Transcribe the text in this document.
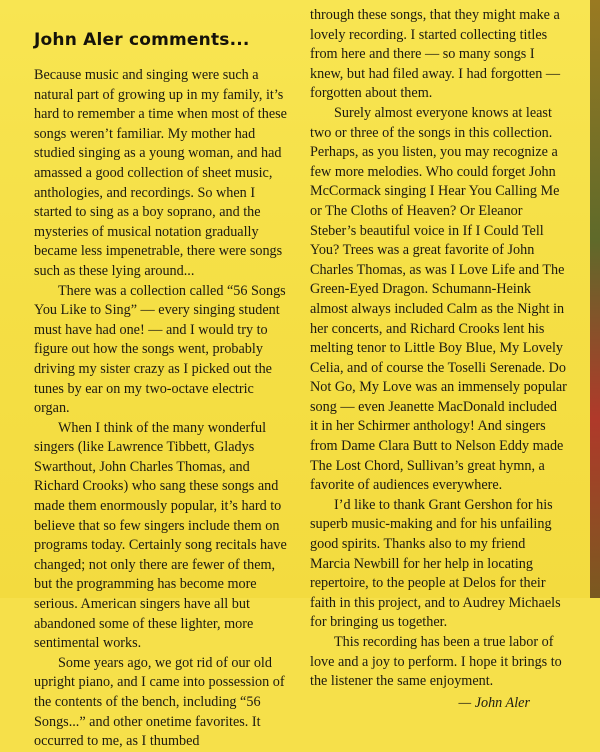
John Aler comments...

Because music and singing were such a natural part of growing up in my family, it’s hard to remember a time when most of these songs weren’t familiar. My mother had studied singing as a young woman, and had amassed a good collection of sheet music, anthologies, and recordings. So when I started to sing as a boy soprano, and the mysteries of musical notation gradually became less impenetrable, there were songs such as these lying around...

There was a collection called “56 Songs You Like to Sing” — every singing student must have had one! — and I would try to figure out how the songs went, probably driving my sister crazy as I picked out the tunes by ear on my two-octave electric organ.

When I think of the many wonderful singers (like Lawrence Tibbett, Gladys Swarthout, John Charles Thomas, and Richard Crooks) who sang these songs and made them enormously popular, it’s hard to believe that so few singers include them on programs today. Certainly song recitals have changed; not only there are fewer of them, but the programming has become more serious. American singers have all but abandoned some of these lighter, more sentimental works.

Some years ago, we got rid of our old upright piano, and I came into possession of the contents of the bench, including “56 Songs...” and other onetime favorites. It occurred to me, as I thumbed

through these songs, that they might make a lovely recording. I started collecting titles from here and there — so many songs I knew, but had filed away. I had forgotten — forgotten about them.

Surely almost everyone knows at least two or three of the songs in this collection. Perhaps, as you listen, you may recognize a few more melodies. Who could forget John McCormack singing I Hear You Calling Me or The Cloths of Heaven? Or Eleanor Steber’s beautiful voice in If I Could Tell You? Trees was a great favorite of John Charles Thomas, as was I Love Life and The Green-Eyed Dragon. Schumann-Heink almost always included Calm as the Night in her concerts, and Richard Crooks lent his melting tenor to Little Boy Blue, My Lovely Celia, and of course the Toselli Serenade. Do Not Go, My Love was an immensely popular song — even Jeanette MacDonald included it in her Schirmer anthology! And singers from Dame Clara Butt to Nelson Eddy made The Lost Chord, Sullivan’s great hymn, a favorite of audiences everywhere.

I’d like to thank Grant Gershon for his superb music-making and for his unfailing good spirits. Thanks also to my friend Marcia Newbill for her help in locating repertoire, to the people at Delos for their faith in this project, and to Audrey Michaels for bringing us together.

This recording has been a true labor of love and a joy to perform. I hope it brings to the listener the same enjoyment.

— John Aler
